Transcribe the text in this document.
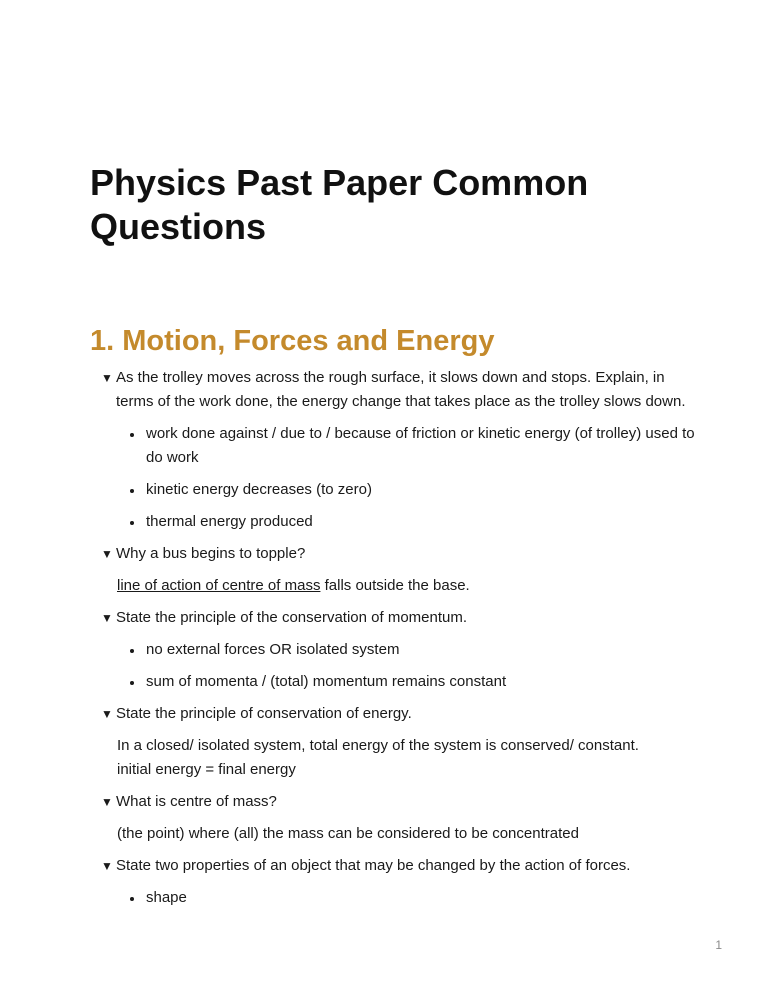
Physics Past Paper Common Questions
1. Motion, Forces and Energy
▼ As the trolley moves across the rough surface, it slows down and stops. Explain, in terms of the work done, the energy change that takes place as the trolley slows down.
• work done against / due to / because of friction or kinetic energy (of trolley) used to do work
• kinetic energy decreases (to zero)
• thermal energy produced
▼ Why a bus begins to topple?

line of action of centre of mass falls outside the base.

▼ State the principle of the conservation of momentum.
• no external forces OR isolated system
• sum of momenta / (total) momentum remains constant
▼ State the principle of conservation of energy.

In a closed/ isolated system, total energy of the system is conserved/ constant.
initial energy = final energy

▼ What is centre of mass?

(the point) where (all) the mass can be considered to be concentrated

▼ State two properties of an object that may be changed by the action of forces.
• shape
1
